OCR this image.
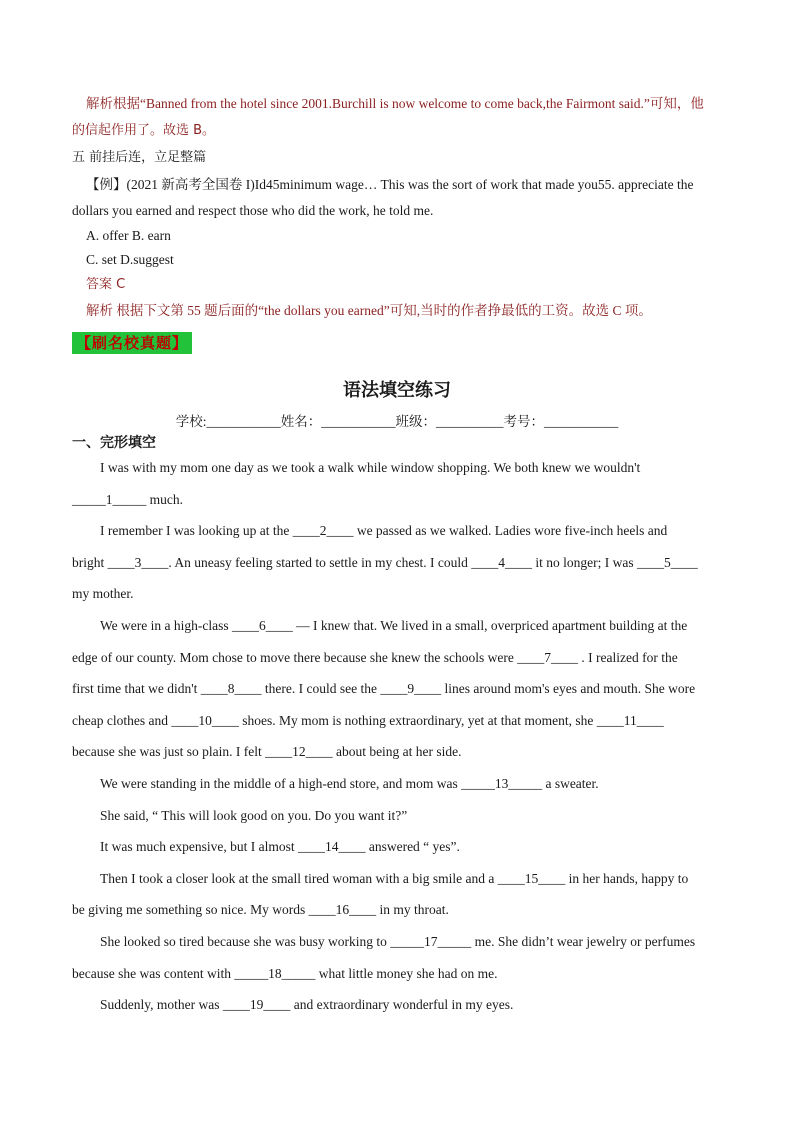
解析根据“Banned from the hotel since 2001.Burchill is now welcome to come back,the Fairmont said.”可知，他
的信起作用了。故选 B。
五 前挂后连，立足整篇
【例】(2021 新高考全国卷 I)Id45minimum wage… This was the sort of work that made you55. appreciate the
dollars you earned and respect those who did the work, he told me.
A. offer B. earn
C. set D.suggest
答案 C
解析 根据下文第 55 题后面的“the dollars you earned”可知,当时的作者挣最低的工资。故选 C 项。
【刷名校真题】
语法填空练习
学校:___________姓名：___________班级：__________考号：___________
一、完形填空
I was with my mom one day as we took a walk while window shopping. We both knew we wouldn't
_____1_____ much.
I remember I was looking up at the ____2____ we passed as we walked. Ladies wore five-inch heels and
bright ____3____. An uneasy feeling started to settle in my chest. I could ____4____ it no longer; I was ____5____
my mother.
We were in a high-class ____6____ — I knew that. We lived in a small, overpriced apartment building at the
edge of our county. Mom chose to move there because she knew the schools were ____7____ . I realized for the
first time that we didn't ____8____ there. I could see the ____9____ lines around mom's eyes and mouth. She wore
cheap clothes and ____10____ shoes. My mom is nothing extraordinary, yet at that moment, she ____11____
because she was just so plain. I felt ____12____ about being at her side.
We were standing in the middle of a high-end store, and mom was _____13_____ a sweater.
She said, “ This will look good on you. Do you want it?”
It was much expensive, but I almost ____14____ answered “ yes”.
Then I took a closer look at the small tired woman with a big smile and a ____15____ in her hands, happy to
be giving me something so nice. My words ____16____ in my throat.
She looked so tired because she was busy working to _____17_____ me. She didn’t wear jewelry or perfumes
because she was content with _____18_____ what little money she had on me.
Suddenly, mother was ____19____ and extraordinary wonderful in my eyes.
